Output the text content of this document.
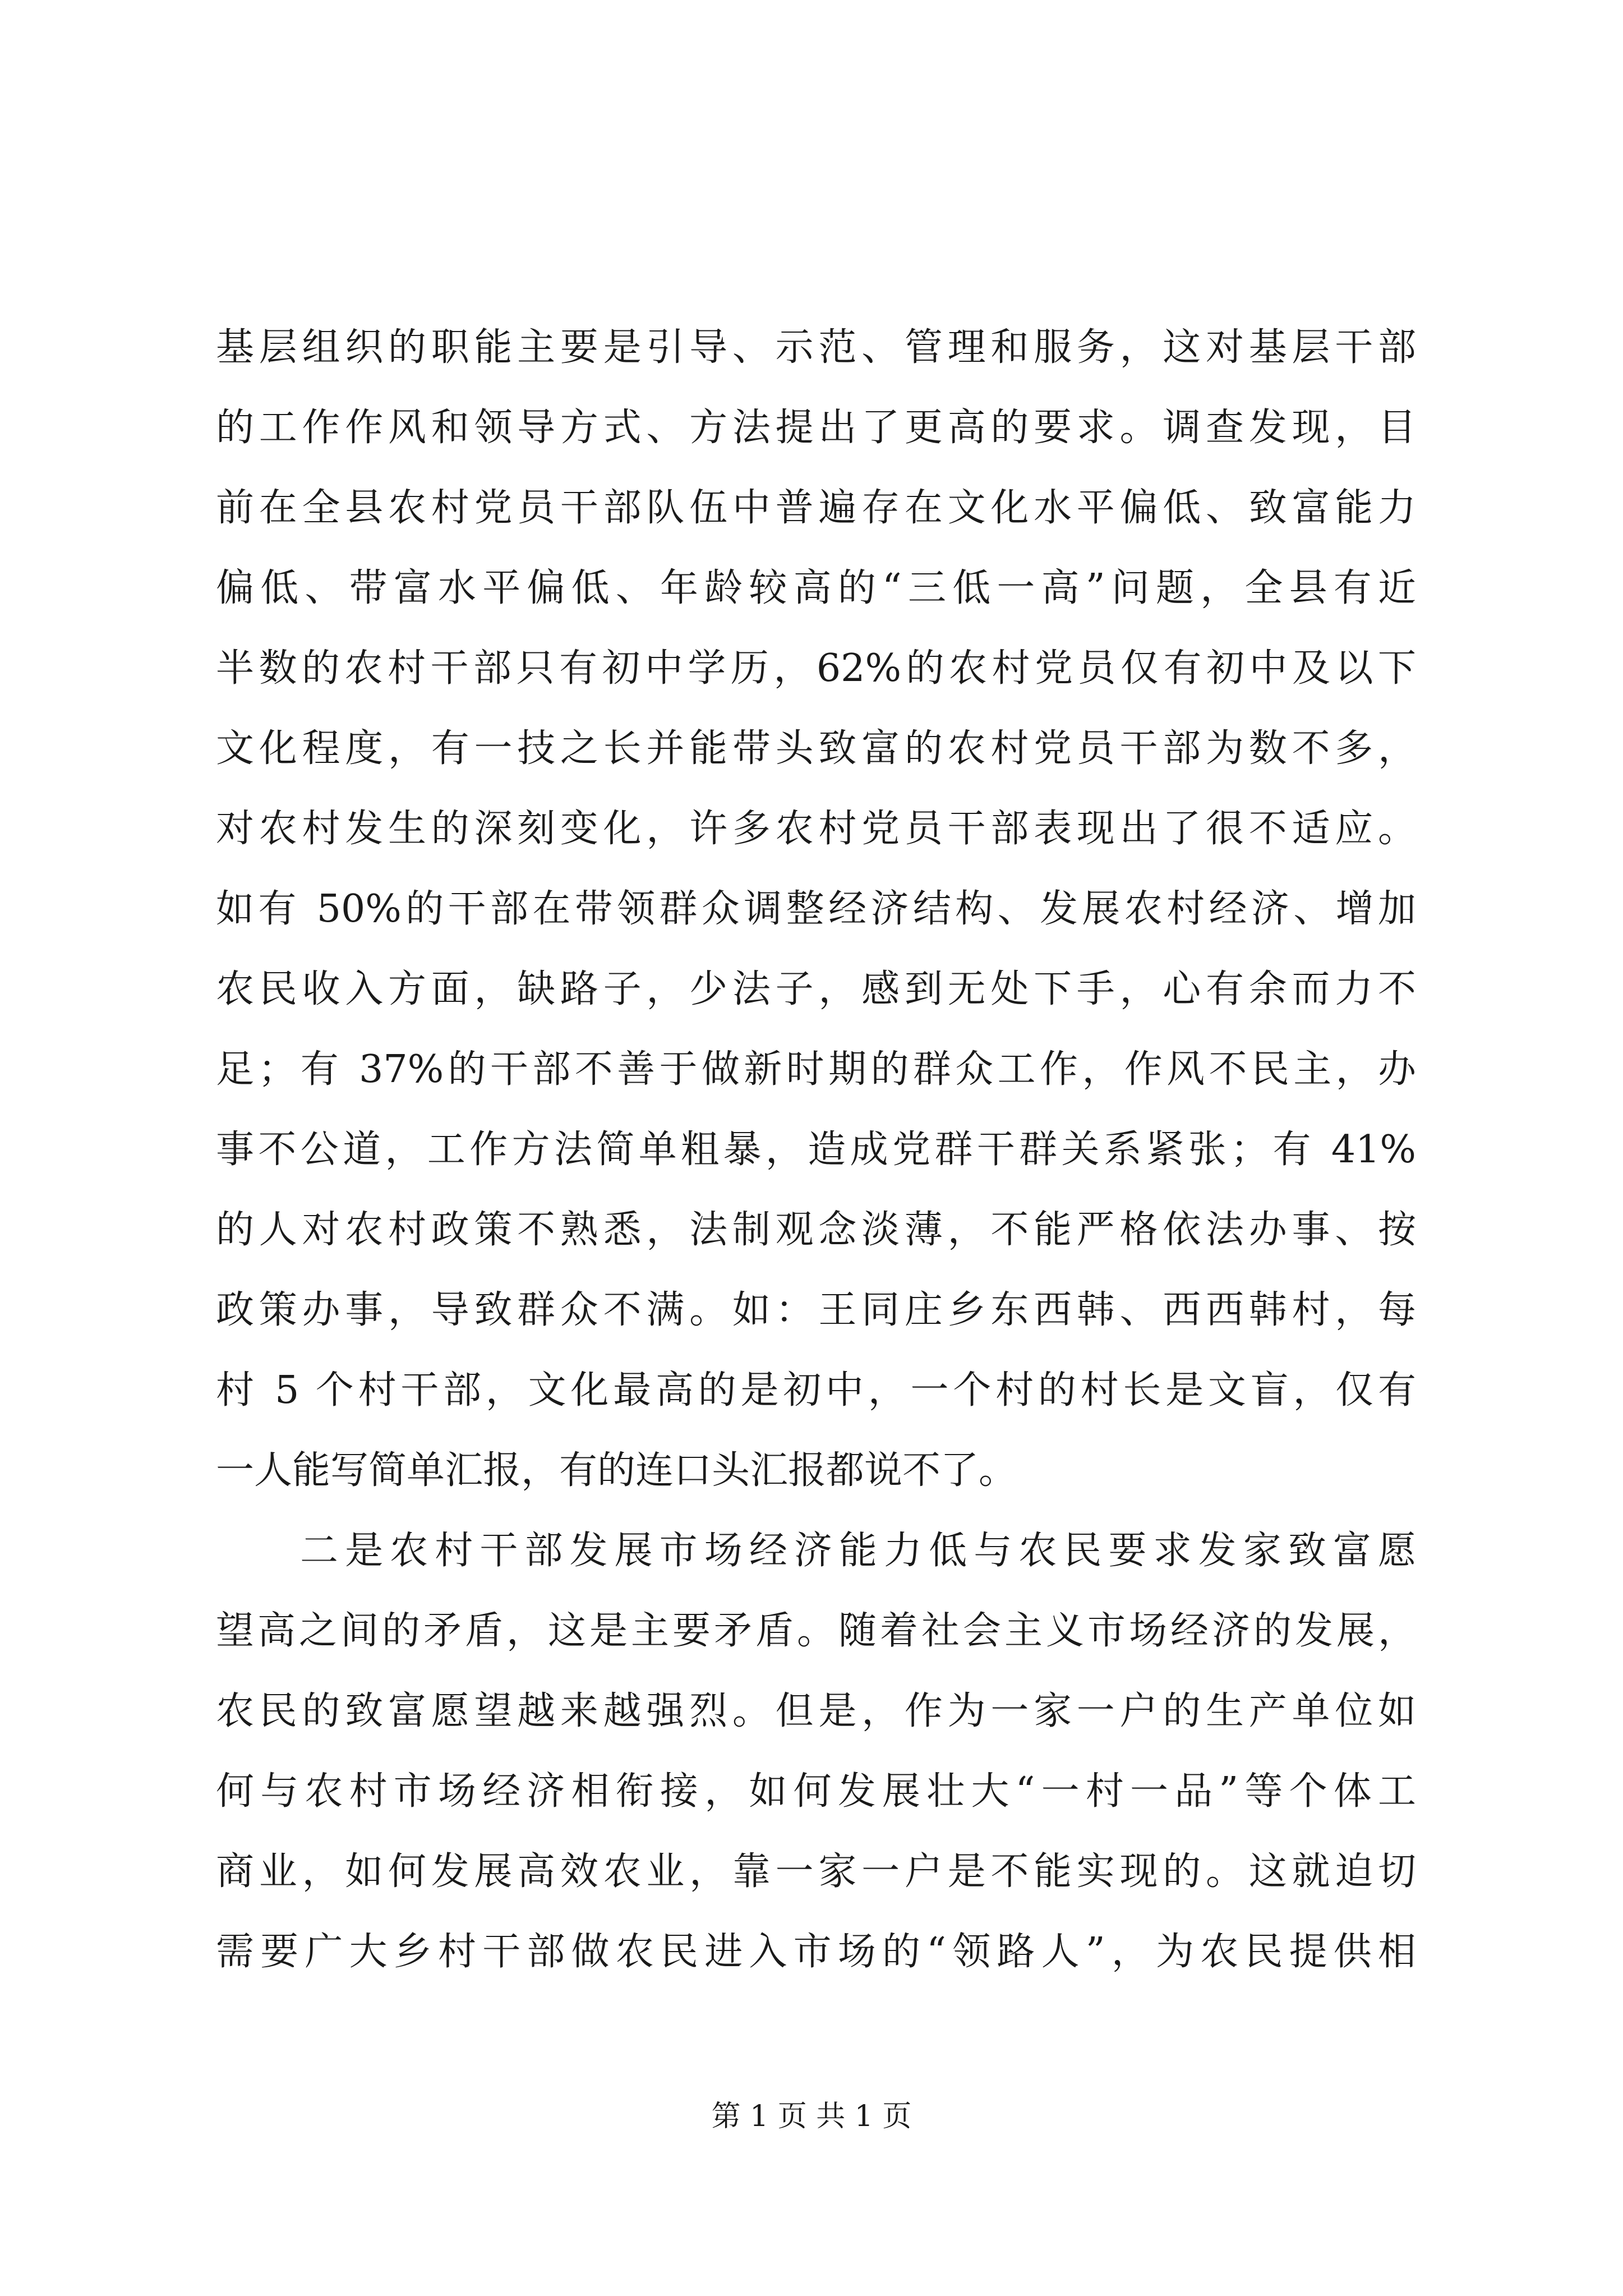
基层组织的职能主要是引导、示范、管理和服务，这对基层干部
的工作作风和领导方式、方法提出了更高的要求。调查发现，目
前在全县农村党员干部队伍中普遍存在文化水平偏低、致富能力
偏低、带富水平偏低、年龄较高的“三低一高”问题，全县有近
半数的农村干部只有初中学历，62%的农村党员仅有初中及以下
文化程度，有一技之长并能带头致富的农村党员干部为数不多，
对农村发生的深刻变化，许多农村党员干部表现出了很不适应。
如有 50%的干部在带领群众调整经济结构、发展农村经济、增加
农民收入方面，缺路子，少法子，感到无处下手，心有余而力不
足；有 37%的干部不善于做新时期的群众工作，作风不民主，办
事不公道，工作方法简单粗暴，造成党群干群关系紧张；有 41%
的人对农村政策不熟悉，法制观念淡薄，不能严格依法办事、按
政策办事，导致群众不满。如：王同庄乡东西韩、西西韩村，每
村 5 个村干部，文化最高的是初中，一个村的村长是文盲，仅有
一人能写简单汇报，有的连口头汇报都说不了。
二是农村干部发展市场经济能力低与农民要求发家致富愿
望高之间的矛盾，这是主要矛盾。随着社会主义市场经济的发展，
农民的致富愿望越来越强烈。但是，作为一家一户的生产单位如
何与农村市场经济相衔接，如何发展壮大“一村一品”等个体工
商业，如何发展高效农业，靠一家一户是不能实现的。这就迫切
需要广大乡村干部做农民进入市场的“领路人”，为农民提供相
第 1 页 共 1 页
